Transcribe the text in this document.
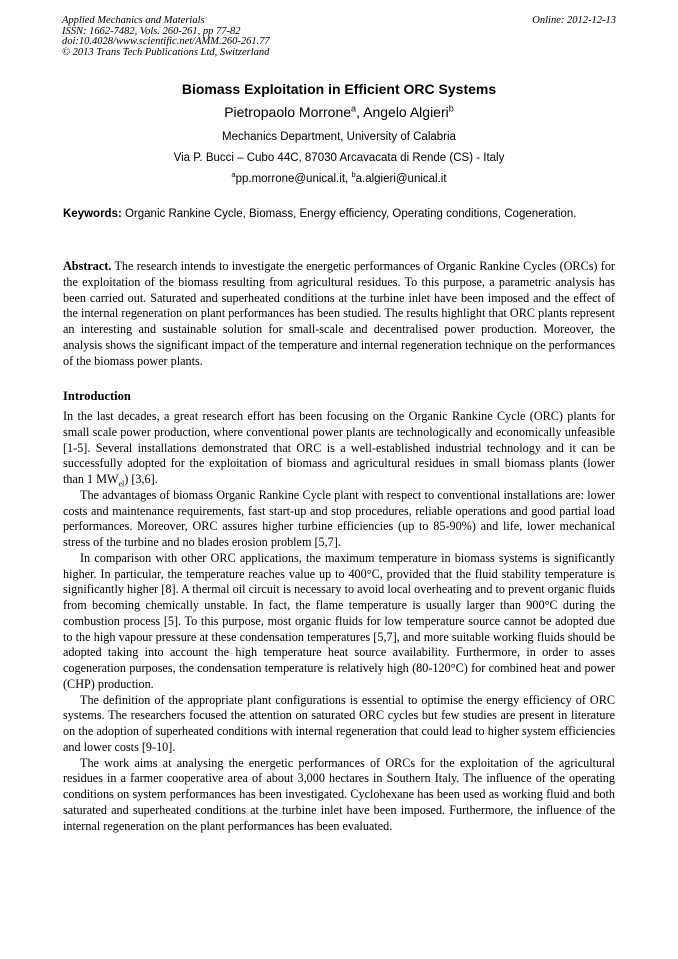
Applied Mechanics and Materials
ISSN: 1662-7482, Vols. 260-261, pp 77-82
doi:10.4028/www.scientific.net/AMM.260-261.77
© 2013 Trans Tech Publications Ltd, Switzerland
Online: 2012-12-13
Biomass Exploitation in Efficient ORC Systems
Pietropaolo Morrone$^a$, Angelo Algieri$^b$
Mechanics Department, University of Calabria
Via P. Bucci – Cubo 44C, 87030 Arcavacata di Rende (CS) - Italy
$^a$pp.morrone@unical.it, $^b$a.algieri@unical.it
Keywords: Organic Rankine Cycle, Biomass, Energy efficiency, Operating conditions, Cogeneration.
Abstract. The research intends to investigate the energetic performances of Organic Rankine Cycles (ORCs) for the exploitation of the biomass resulting from agricultural residues. To this purpose, a parametric analysis has been carried out. Saturated and superheated conditions at the turbine inlet have been imposed and the effect of the internal regeneration on plant performances has been studied. The results highlight that ORC plants represent an interesting and sustainable solution for small-scale and decentralised power production. Moreover, the analysis shows the significant impact of the temperature and internal regeneration technique on the performances of the biomass power plants.
Introduction

In the last decades, a great research effort has been focusing on the Organic Rankine Cycle (ORC) plants for small scale power production, where conventional power plants are technologically and economically unfeasible [1-5]. Several installations demonstrated that ORC is a well-established industrial technology and it can be successfully adopted for the exploitation of biomass and agricultural residues in small biomass plants (lower than 1 $MW_{el}$) [3,6].

The advantages of biomass Organic Rankine Cycle plant with respect to conventional installations are: lower costs and maintenance requirements, fast start-up and stop procedures, reliable operations and good partial load performances. Moreover, ORC assures higher turbine efficiencies (up to 85-90%) and life, lower mechanical stress of the turbine and no blades erosion problem [5,7].

In comparison with other ORC applications, the maximum temperature in biomass systems is significantly higher. In particular, the temperature reaches value up to 400°C, provided that the fluid stability temperature is significantly higher [8]. A thermal oil circuit is necessary to avoid local overheating and to prevent organic fluids from becoming chemically unstable. In fact, the flame temperature is usually larger than 900°C during the combustion process [5]. To this purpose, most organic fluids for low temperature source cannot be adopted due to the high vapour pressure at these condensation temperatures [5,7], and more suitable working fluids should be adopted taking into account the high temperature heat source availability. Furthermore, in order to asses cogeneration purposes, the condensation temperature is relatively high (80-120°C) for combined heat and power (CHP) production.

The definition of the appropriate plant configurations is essential to optimise the energy efficiency of ORC systems. The researchers focused the attention on saturated ORC cycles but few studies are present in literature on the adoption of superheated conditions with internal regeneration that could lead to higher system efficiencies and lower costs [9-10].

The work aims at analysing the energetic performances of ORCs for the exploitation of the agricultural residues in a farmer cooperative area of about 3,000 hectares in Southern Italy. The influence of the operating conditions on system performances has been investigated. Cyclohexane has been used as working fluid and both saturated and superheated conditions at the turbine inlet have been imposed. Furthermore, the influence of the internal regeneration on the plant performances has been evaluated.
